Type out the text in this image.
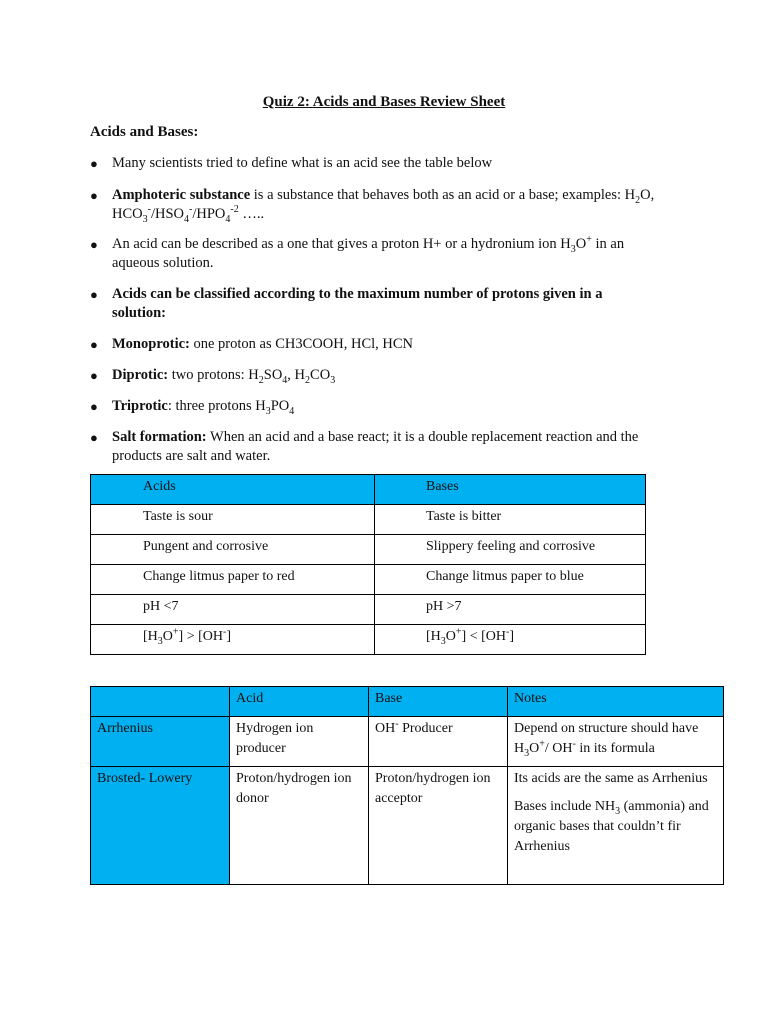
Quiz 2: Acids and Bases Review Sheet
Acids and Bases:
● Many scientists tried to define what is an acid see the table below
● Amphoteric substance is a substance that behaves both as an acid or a base; examples: $H_2O$,
$HCO_3^-/HSO_4^-/HPO_4^{-2}$ …..
● An acid can be described as a one that gives a proton H+ or a hydronium ion $H_3O^+$ in an
aqueous solution.
● Acids can be classified according to the maximum number of protons given in a solution:
● Monoprotic: one proton as CH3COOH, HCl, HCN
● Diprotic: two protons: $H_2SO_4$, $H_2CO_3$
● Triprotic: three protons $H_3PO_4$
● Salt formation: When an acid and a base react; it is a double replacement reaction and the products are salt and water.
Acids	Bases
Taste is sour	Taste is bitter
Pungent and corrosive	Slippery feeling and corrosive
Change litmus paper to red	Change litmus paper to blue
pH <7	pH >7
$[H_3O^+] > [OH^-]$	$[H_3O^+] < [OH^-]$
	Acid	Base	Notes
Arrhenius	Hydrogen ion producer	OH- Producer	Depend on structure should have $H_3O^+/$ OH- in its formula
Brosted- Lowery	Proton/hydrogen ion donor	Proton/hydrogen ion acceptor	Its acids are the same as Arrhenius

Bases include $NH_3$ (ammonia) and organic bases that couldn’t fir Arrhenius
